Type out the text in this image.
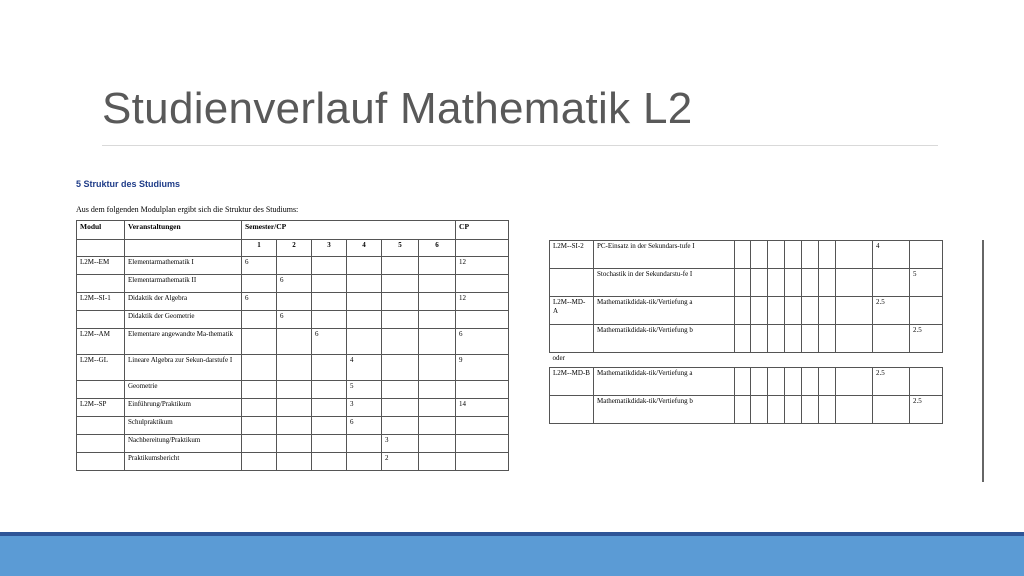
Studienverlauf Mathematik L2

5 Struktur des Studiums

Aus dem folgenden Modulplan ergibt sich die Struktur des Studiums:

Modul	Veranstaltungen	Semester/CP						CP
		1	2	3	4	5	6	
L2M--EM	Elementarmathematik I	6						12
	Elementarmathematik II		6					
L2M--SI-1	Didaktik der Algebra	6						12
	Didaktik der Geometrie		6					
L2M--AM	Elementare angewandte Ma-thematik			6				6
L2M--GL	Lineare Algebra zur Sekun-darstufe I				4			9
	Geometrie				5			
L2M--SP	Einführung/Praktikum				3			14
	Schulpraktikum				6			
	Nachbereitung/Praktikum					3		
	Praktikumsbericht					2		
L2M--SI-2	PC-Einsatz in der Sekundars-tufe I								4		
	Stochastik in der Sekundarstu-fe I									5	
L2M--MD-A	Mathematikdidak-tik/Vertiefung a								2.5		
	Mathematikdidak-tik/Vertiefung b									2.5	
oder											
L2M--MD-B	Mathematikdidak-tik/Vertiefung a								2.5		
	Mathematikdidak-tik/Vertiefung b									2.5	
